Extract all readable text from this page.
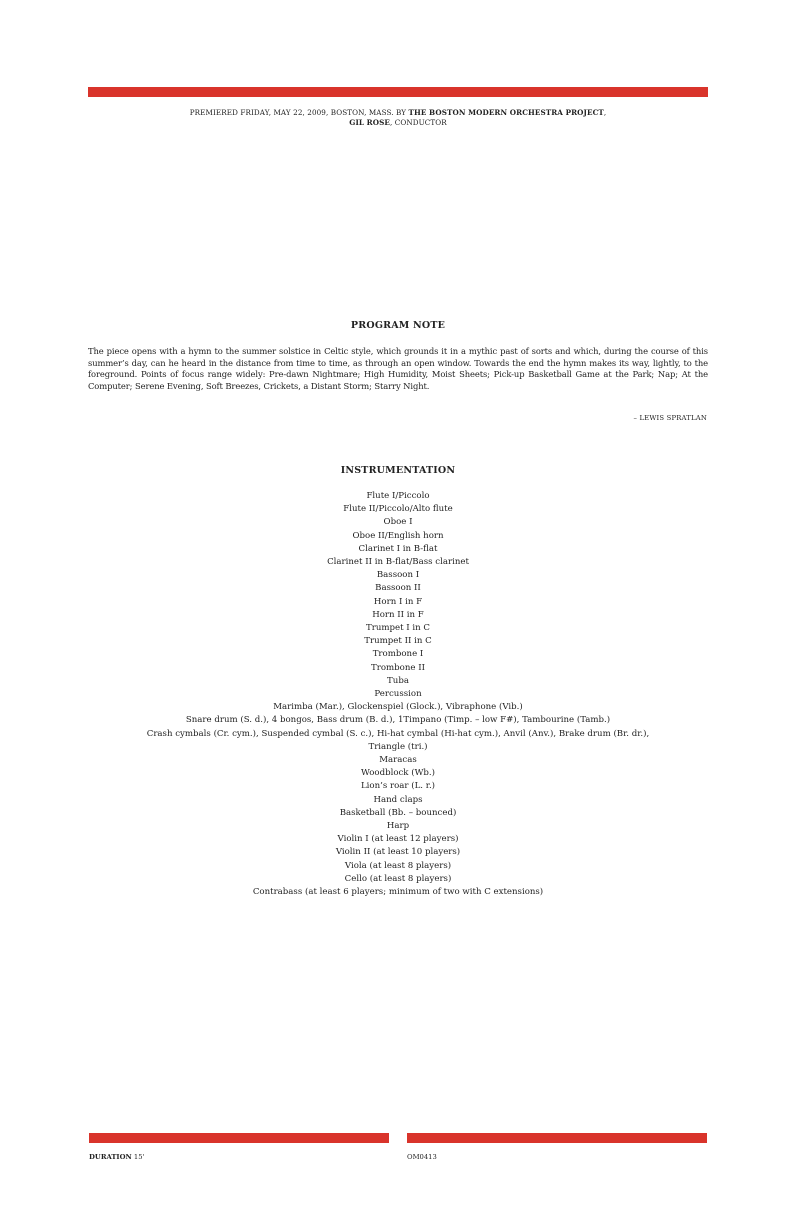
PREMIERED FRIDAY, MAY 22, 2009, BOSTON, MASS. BY THE BOSTON MODERN ORCHESTRA PROJECT,
GIL ROSE, CONDUCTOR
PROGRAM NOTE
The piece opens with a hymn to the summer solstice in Celtic style, which grounds it in a mythic past of sorts and which, during the course of this summer’s day, can he heard in the distance from time to time, as through an open window. Towards the end the hymn makes its way, lightly, to the foreground. Points of focus range widely: Pre-dawn Nightmare; High Humidity, Moist Sheets; Pick-up Basketball Game at the Park; Nap; At the Computer; Serene Evening, Soft Breezes, Crickets, a Distant Storm; Starry Night.
– LEWIS SPRATLAN
INSTRUMENTATION
Flute I/Piccolo
Flute II/Piccolo/Alto flute
Oboe I
Oboe II/English horn
Clarinet I in B-flat
Clarinet II in B-flat/Bass clarinet
Bassoon I
Bassoon II
Horn I in F
Horn II in F
Trumpet I in C
Trumpet II in C
Trombone I
Trombone II
Tuba
Percussion
Marimba (Mar.), Glockenspiel (Glock.), Vibraphone (Vib.)
Snare drum (S. d.), 4 bongos, Bass drum (B. d.), 1Timpano (Timp. – low F#), Tambourine (Tamb.)
Crash cymbals (Cr. cym.), Suspended cymbal (S. c.), Hi-hat cymbal (Hi-hat cym.), Anvil (Anv.), Brake drum (Br. dr.),
Triangle (tri.)
Maracas
Woodblock (Wb.)
Lion’s roar (L. r.)
Hand claps
Basketball (Bb. – bounced)
Harp
Violin I (at least 12 players)
Violin II (at least 10 players)
Viola (at least 8 players)
Cello (at least 8 players)
Contrabass (at least 6 players; minimum of two with C extensions)
DURATION 15'	OM0413
